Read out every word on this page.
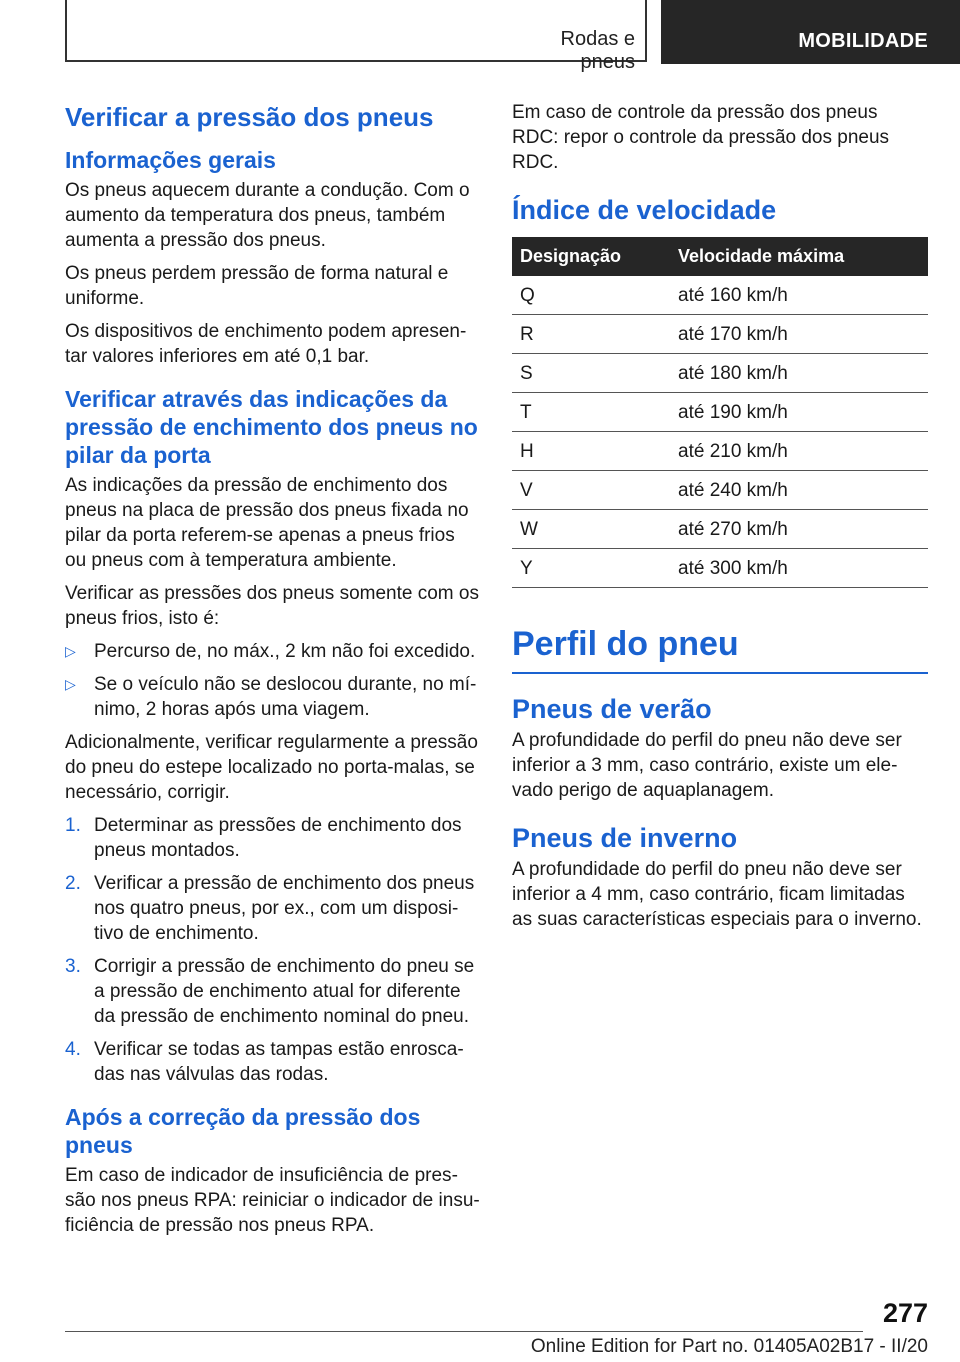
Rodas e pneus
MOBILIDADE
Verificar a pressão dos pneus
Informações gerais

Os pneus aquecem durante a condução. Com o aumento da temperatura dos pneus, também aumenta a pressão dos pneus.

Os pneus perdem pressão de forma natural e uniforme.

Os dispositivos de enchimento podem apresentar valores inferiores em até 0,1 bar.

Verificar através das indicações da pressão de enchimento dos pneus no pilar da porta

As indicações da pressão de enchimento dos pneus na placa de pressão dos pneus fixada no pilar da porta referem-se apenas a pneus frios ou pneus com à temperatura ambiente.

Verificar as pressões dos pneus somente com os pneus frios, isto é:

▷ Percurso de, no máx., 2 km não foi excedido.
▷ Se o veículo não se deslocou durante, no mínimo, 2 horas após uma viagem.

Adicionalmente, verificar regularmente a pressão do pneu do estepe localizado no porta-malas, se necessário, corrigir.

1. Determinar as pressões de enchimento dos pneus montados.
2. Verificar a pressão de enchimento dos pneus nos quatro pneus, por ex., com um dispositivo de enchimento.
3. Corrigir a pressão de enchimento do pneu se a pressão de enchimento atual for diferente da pressão de enchimento nominal do pneu.
4. Verificar se todas as tampas estão enroscadas nas válvulas das rodas.
Após a correção da pressão dos pneus

Em caso de indicador de insuficiência de pressão nos pneus RPA: reiniciar o indicador de insuficiência de pressão nos pneus RPA.

Em caso de controle da pressão dos pneus RDC: repor o controle da pressão dos pneus RDC.

Índice de velocidade
Designação	Velocidade máxima
Q	até 160 km/h
R	até 170 km/h
S	até 180 km/h
T	até 190 km/h
H	até 210 km/h
V	até 240 km/h
W	até 270 km/h
Y	até 300 km/h
Perfil do pneu
Pneus de verão

A profundidade do perfil do pneu não deve ser inferior a 3 mm, caso contrário, existe um elevado perigo de aquaplanagem.

Pneus de inverno

A profundidade do perfil do pneu não deve ser inferior a 4 mm, caso contrário, ficam limitadas as suas características especiais para o inverno.

277
Online Edition for Part no. 01405A02B17 - II/20
